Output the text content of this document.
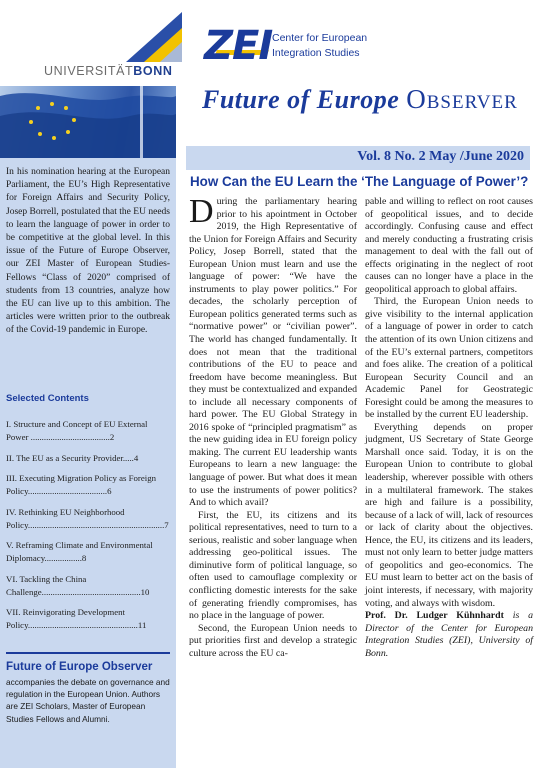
UNIVERSITÄTBONN
ZEI Center for European
Integration Studies
Future of Europe Observer
In his nomination hearing at the European Parliament, the EU’s High Representative for Foreign Affairs and Security Policy, Josep Borrell, postulated that the EU needs to learn the language of power in order to be competitive at the global level. In this issue of the Future of Europe Observer, our ZEI Master of European Studies-Fellows “Class of 2020” comprised of students from 13 countries, analyze how the EU can live up to this ambition. The articles were written prior to the outbreak of the Covid-19 pandemic in Europe.
Selected Contents
I. Structure and Concept of EU External Power ....................................2
II. The EU as a Security Provider.....4
III. Executing Migration Policy as Foreign Policy....................................6
IV. Rethinking EU Neighborhood Policy..............................................................7
V. Reframing Climate and Environmental Diplomacy.................8
VI. Tackling the China Challenge.............................................10
VII. Reinvigorating Development Policy..................................................11
Future of Europe Observer
accompanies the debate on governance and regulation in the European Union. Authors are ZEI Scholars, Master of European Studies Fellows and Alumni.
Vol. 8 No. 2 May /June 2020
How Can the EU Learn the ‘The Language of Power’?

During the parliamentary hearing prior to his apointment in October 2019, the High Representative of the Union for Foreign Affairs and Security Policy, Josep Borrell, stated that the European Union must learn and use the language of power: “We have the instruments to play power politics.” For decades, the scholarly perception of European politics generated terms such as “normative power” or “civilian power”. The world has changed fundamentally. It does not mean that the traditional contributions of the EU to peace and freedom have become meaningless. But they must be contextualized and expanded to include all necessary components of hard power. The EU Global Strategy in 2016 spoke of “principled pragmatism” as the new guiding idea in EU foreign policy making. The current EU leadership wants Europeans to learn a new language: the language of power. But what does it mean to use the instruments of power politics? And to which avail?

First, the EU, its citizens and its political representatives, need to turn to a serious, realistic and sober language when addressing geo-political issues. The diminutive form of political language, so often used to camouflage complexity or conflicting domestic interests for the sake of generating friendly compromises, has no place in the language of power.

Second, the European Union needs to put priorities first and develop a strategic culture across the EU ca-

pable and willing to reflect on root causes of geopolitical issues, and to decide accordingly. Confusing cause and effect and merely conducting a frustrating crisis management to deal with the fall out of effects originating in the neglect of root causes can no longer have a place in the geopolitical approach to global affairs.

Third, the European Union needs to give visibility to the internal application of a language of power in order to catch the attention of its own Union citizens and of the EU’s external partners, competitors and foes alike. The creation of a political European Security Council and an Academic Panel for Geostrategic Foresight could be among the measures to be installed by the current EU leadership.

Everything depends on proper judgment, US Secretary of State George Marshall once said. Today, it is on the European Union to contribute to global leadership, wherever possible with others in a multilateral framework. The stakes are high and failure is a possibility, because of a lack of will, lack of resources or lack of clarity about the objectives. Hence, the EU, its citizens and its leaders, must not only learn to better judge matters of geopolitics and geo-economics. The EU must learn to better act on the basis of joint interests, if necessary, with majority voting, and always with wisdom.

Prof. Dr. Ludger Kühnhardt is a Director of the Center for European Integration Studies (ZEI), University of Bonn.
